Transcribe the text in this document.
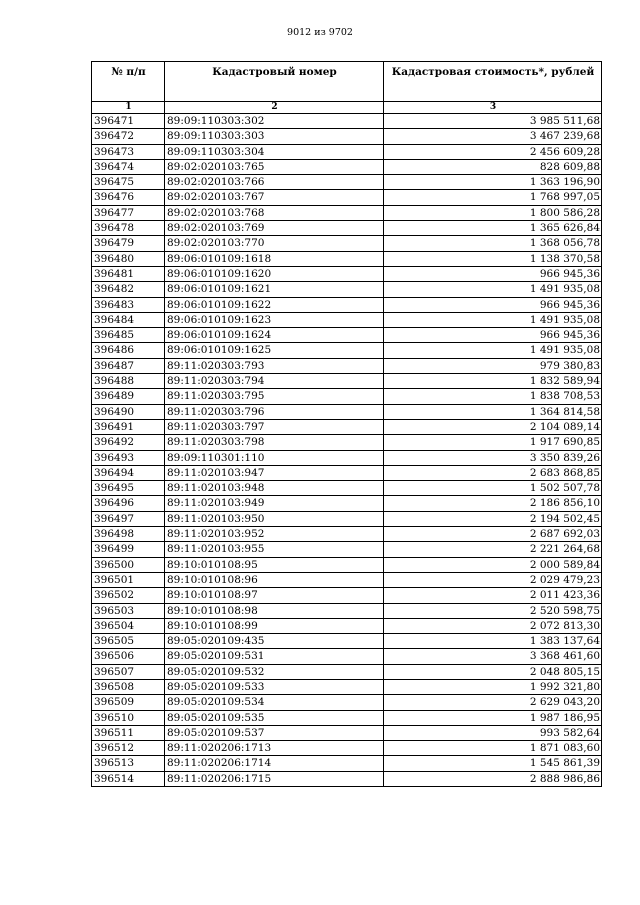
9012 из 9702
№ п/п	Кадастровый номер	Кадастровая стоимость*, рублей
1	2	3
396471	89:09:110303:302	3 985 511,68
396472	89:09:110303:303	3 467 239,68
396473	89:09:110303:304	2 456 609,28
396474	89:02:020103:765	828 609,88
396475	89:02:020103:766	1 363 196,90
396476	89:02:020103:767	1 768 997,05
396477	89:02:020103:768	1 800 586,28
396478	89:02:020103:769	1 365 626,84
396479	89:02:020103:770	1 368 056,78
396480	89:06:010109:1618	1 138 370,58
396481	89:06:010109:1620	966 945,36
396482	89:06:010109:1621	1 491 935,08
396483	89:06:010109:1622	966 945,36
396484	89:06:010109:1623	1 491 935,08
396485	89:06:010109:1624	966 945,36
396486	89:06:010109:1625	1 491 935,08
396487	89:11:020303:793	979 380,83
396488	89:11:020303:794	1 832 589,94
396489	89:11:020303:795	1 838 708,53
396490	89:11:020303:796	1 364 814,58
396491	89:11:020303:797	2 104 089,14
396492	89:11:020303:798	1 917 690,85
396493	89:09:110301:110	3 350 839,26
396494	89:11:020103:947	2 683 868,85
396495	89:11:020103:948	1 502 507,78
396496	89:11:020103:949	2 186 856,10
396497	89:11:020103:950	2 194 502,45
396498	89:11:020103:952	2 687 692,03
396499	89:11:020103:955	2 221 264,68
396500	89:10:010108:95	2 000 589,84
396501	89:10:010108:96	2 029 479,23
396502	89:10:010108:97	2 011 423,36
396503	89:10:010108:98	2 520 598,75
396504	89:10:010108:99	2 072 813,30
396505	89:05:020109:435	1 383 137,64
396506	89:05:020109:531	3 368 461,60
396507	89:05:020109:532	2 048 805,15
396508	89:05:020109:533	1 992 321,80
396509	89:05:020109:534	2 629 043,20
396510	89:05:020109:535	1 987 186,95
396511	89:05:020109:537	993 582,64
396512	89:11:020206:1713	1 871 083,60
396513	89:11:020206:1714	1 545 861,39
396514	89:11:020206:1715	2 888 986,86
